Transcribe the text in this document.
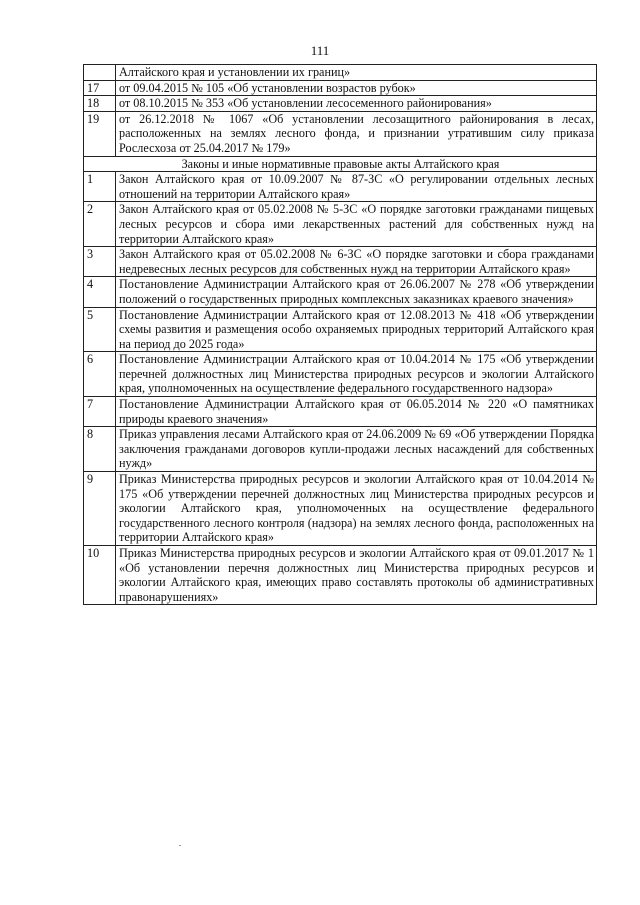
111
	Алтайского края и установлении их границ»
17	от 09.04.2015 № 105 «Об установлении возрастов рубок»
18	от 08.10.2015 № 353 «Об установлении лесосеменного районирования»
19	от 26.12.2018 № 1067 «Об установлении лесозащитного районирования в лесах, расположенных на землях лесного фонда, и признании утратившим силу приказа Рослесхоза от 25.04.2017 № 179»
Законы и иные нормативные правовые акты Алтайского края	
1	Закон Алтайского края от 10.09.2007 № 87-ЗС «О регулировании отдельных лесных отношений на территории Алтайского края»
2	Закон Алтайского края от 05.02.2008 № 5-ЗС «О порядке заготовки гражданами пищевых лесных ресурсов и сбора ими лекарственных растений для собственных нужд на территории Алтайского края»
3	Закон Алтайского края от 05.02.2008 № 6-ЗС «О порядке заготовки и сбора гражданами недревесных лесных ресурсов для собственных нужд на территории Алтайского края»
4	Постановление Администрации Алтайского края от 26.06.2007 № 278 «Об утверждении положений о государственных природных комплексных заказниках краевого значения»
5	Постановление Администрации Алтайского края от 12.08.2013 № 418 «Об утверждении схемы развития и размещения особо охраняемых природных территорий Алтайского края на период до 2025 года»
6	Постановление Администрации Алтайского края от 10.04.2014 № 175 «Об утверждении перечней должностных лиц Министерства природных ресурсов и экологии Алтайского края, уполномоченных на осуществление федерального государственного надзора»
7	Постановление Администрации Алтайского края от 06.05.2014 № 220 «О памятниках природы краевого значения»
8	Приказ управления лесами Алтайского края от 24.06.2009 № 69 «Об утверждении Порядка заключения гражданами договоров купли-продажи лесных насаждений для собственных нужд»
9	Приказ Министерства природных ресурсов и экологии Алтайского края от 10.04.2014 № 175 «Об утверждении перечней должностных лиц Министерства природных ресурсов и экологии Алтайского края, уполномоченных на осуществление федерального государственного лесного контроля (надзора) на землях лесного фонда, расположенных на территории Алтайского края»
10	Приказ Министерства природных ресурсов и экологии Алтайского края от 09.01.2017 № 1 «Об установлении перечня должностных лиц Министерства природных ресурсов и экологии Алтайского края, имеющих право составлять протоколы об административных правонарушениях»
